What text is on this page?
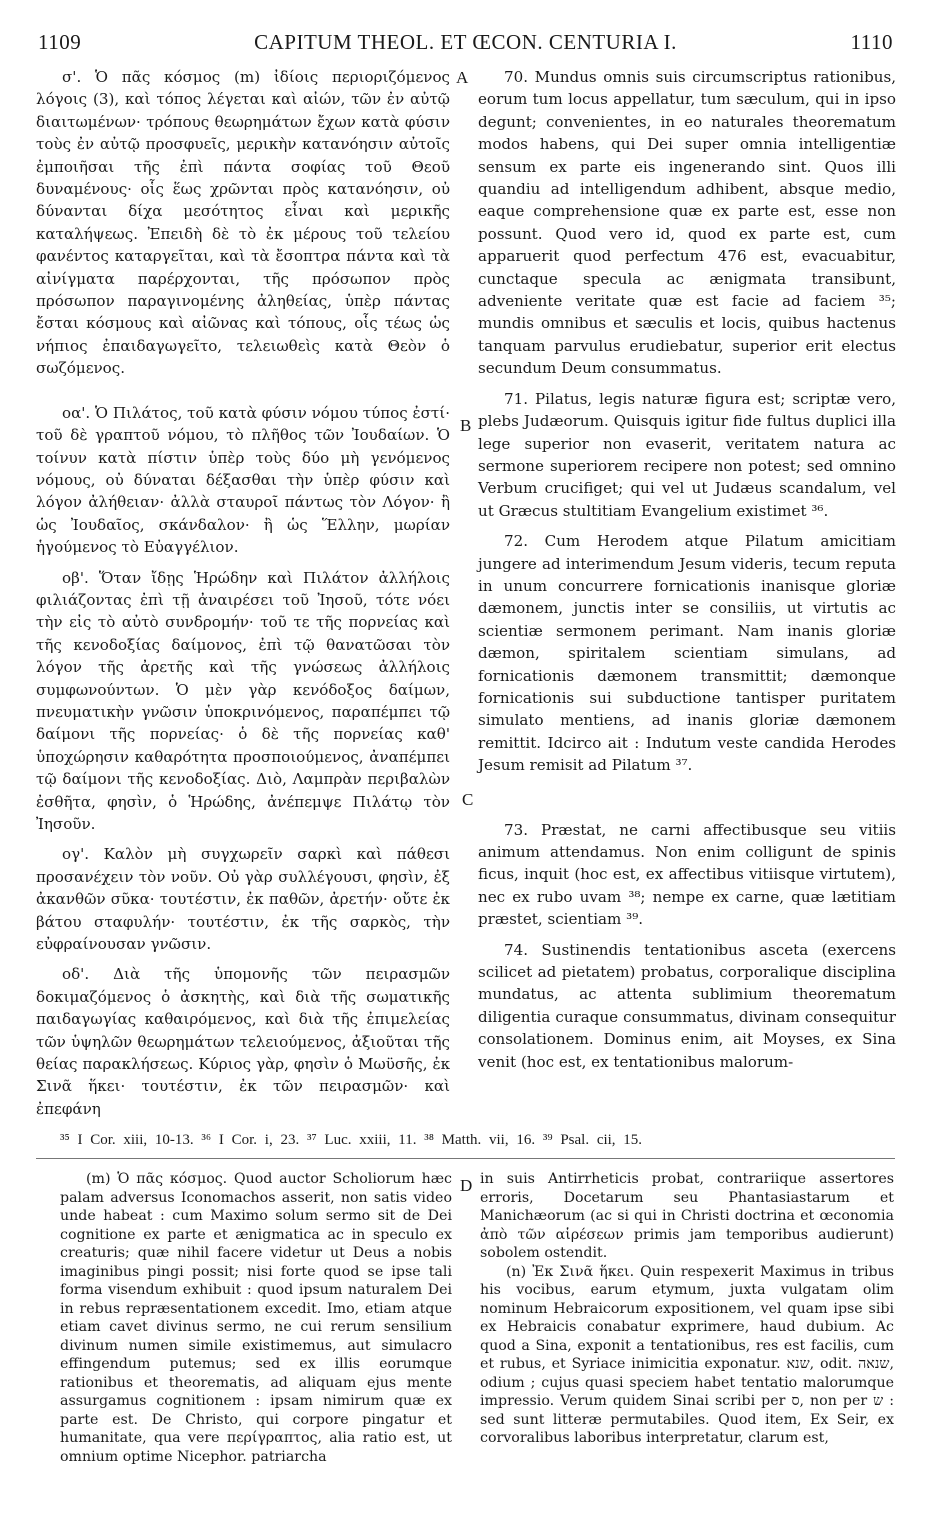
1109	CAPITUM THEOL. ET ŒCON. CENTURIA I.	1110

σ'. Ὁ πᾶς κόσμος (m) ἰδίοις περιοριζόμενος λόγοις (3), καὶ τόπος λέγεται καὶ αἰών, τῶν ἐν αὐτῷ διαιτωμένων· τρόπους θεωρημάτων ἔχων κατὰ φύσιν τοὺς ἐν αὐτῷ προσφυεῖς, μερικὴν κατανόησιν αὐτοῖς ἐμποιῆσαι τῆς ἐπὶ πάντα σοφίας τοῦ Θεοῦ δυναμένους· οἷς ἕως χρῶνται πρὸς κατανόησιν, οὐ δύνανται δίχα μεσότητος εἶναι καὶ μερικῆς καταλήψεως. Ἐπειδὴ δὲ τὸ ἐκ μέρους τοῦ τελείου φανέντος καταργεῖται, καὶ τὰ ἔσοπτρα πάντα καὶ τὰ αἰνίγματα παρέρχονται, τῆς πρόσωπον πρὸς πρόσωπον παραγινομένης ἀληθείας, ὑπὲρ πάντας ἔσται κόσμους καὶ αἰῶνας καὶ τόπους, οἷς τέως ὡς νήπιος ἐπαιδαγωγεῖτο, τελειωθεὶς κατὰ Θεὸν ὁ σωζόμενος.

οα'. Ὁ Πιλάτος, τοῦ κατὰ φύσιν νόμου τύπος ἐστί· τοῦ δὲ γραπτοῦ νόμου, τὸ πλῆθος τῶν Ἰουδαίων. Ὁ τοίνυν κατὰ πίστιν ὑπὲρ τοὺς δύο μὴ γενόμενος νόμους, οὐ δύναται δέξασθαι τὴν ὑπὲρ φύσιν καὶ λόγον ἀλήθειαν· ἀλλὰ σταυροῖ πάντως τὸν Λόγον· ἢ ὡς Ἰουδαῖος, σκάνδαλον· ἢ ὡς Ἕλλην, μωρίαν ἡγούμενος τὸ Εὐαγγέλιον.

οβ'. Ὅταν ἴδῃς Ἡρώδην καὶ Πιλάτον ἀλλήλοις φιλιάζοντας ἐπὶ τῇ ἀναιρέσει τοῦ Ἰησοῦ, τότε νόει τὴν εἰς τὸ αὐτὸ συνδρομήν· τοῦ τε τῆς πορνείας καὶ τῆς κενοδοξίας δαίμονος, ἐπὶ τῷ θανατῶσαι τὸν λόγον τῆς ἀρετῆς καὶ τῆς γνώσεως ἀλλήλοις συμφωνούντων. Ὁ μὲν γὰρ κενόδοξος δαίμων, πνευματικὴν γνῶσιν ὑποκρινόμενος, παραπέμπει τῷ δαίμονι τῆς πορνείας· ὁ δὲ τῆς πορνείας καθ' ὑποχώρησιν καθαρότητα προσποιούμενος, ἀναπέμπει τῷ δαίμονι τῆς κενοδοξίας. Διὸ, Λαμπρὰν περιβαλὼν ἐσθῆτα, φησὶν, ὁ Ἡρώδης, ἀνέπεμψε Πιλάτῳ τὸν Ἰησοῦν.

ογ'. Καλὸν μὴ συγχωρεῖν σαρκὶ καὶ πάθεσι προσανέχειν τὸν νοῦν. Οὐ γὰρ συλλέγουσι, φησὶν, ἐξ ἀκανθῶν σῦκα· τουτέστιν, ἐκ παθῶν, ἀρετήν· οὔτε ἐκ βάτου σταφυλήν· τουτέστιν, ἐκ τῆς σαρκὸς, τὴν εὐφραίνουσαν γνῶσιν.

οδ'. Διὰ τῆς ὑπομονῆς τῶν πειρασμῶν δοκιμαζόμενος ὁ ἀσκητὴς, καὶ διὰ τῆς σωματικῆς παιδαγωγίας καθαιρόμενος, καὶ διὰ τῆς ἐπιμελείας τῶν ὑψηλῶν θεωρημάτων τελειούμενος, ἀξιοῦται τῆς θείας παρακλήσεως. Κύριος γὰρ, φησὶν ὁ Μωϋσῆς, ἐκ Σινᾶ ἥκει· τουτέστιν, ἐκ τῶν πειρασμῶν· καὶ ἐπεφάνη

A
B
C
D

70. Mundus omnis suis circumscriptus rationibus, eorum tum locus appellatur, tum sæculum, qui in ipso degunt; convenientes, in eo naturales theorematum modos habens, qui Dei super omnia intelligentiæ sensum ex parte eis ingenerando sint. Quos illi quandiu ad intelligendum adhibent, absque medio, eaque comprehensione quæ ex parte est, esse non possunt. Quod vero id, quod ex parte est, cum apparuerit quod perfectum 476 est, evacuabitur, cunctaque specula ac ænigmata transibunt, adveniente veritate quæ est facie ad faciem ³⁵; mundis omnibus et sæculis et locis, quibus hactenus tanquam parvulus erudiebatur, superior erit electus secundum Deum consummatus.

71. Pilatus, legis naturæ figura est; scriptæ vero, plebs Judæorum. Quisquis igitur fide fultus duplici illa lege superior non evaserit, veritatem natura ac sermone superiorem recipere non potest; sed omnino Verbum crucifiget; qui vel ut Judæus scandalum, vel ut Græcus stultitiam Evangelium existimet ³⁶.

72. Cum Herodem atque Pilatum amicitiam jungere ad interimendum Jesum videris, tecum reputa in unum concurrere fornicationis inanisque gloriæ dæmonem, junctis inter se consiliis, ut virtutis ac scientiæ sermonem perimant. Nam inanis gloriæ dæmon, spiritalem scientiam simulans, ad fornicationis dæmonem transmittit; dæmonque fornicationis sui subductione tantisper puritatem simulato mentiens, ad inanis gloriæ dæmonem remittit. Idcirco ait : Indutum veste candida Herodes Jesum remisit ad Pilatum ³⁷.

73. Præstat, ne carni affectibusque seu vitiis animum attendamus. Non enim colligunt de spinis ficus, inquit (hoc est, ex affectibus vitiisque virtutem), nec ex rubo uvam ³⁸; nempe ex carne, quæ lætitiam præstet, scientiam ³⁹.

74. Sustinendis tentationibus asceta (exercens scilicet ad pietatem) probatus, corporalique disciplina mundatus, ac attenta sublimium theorematum diligentia curaque consummatus, divinam consequitur consolationem. Dominus enim, ait Moyses, ex Sina venit (hoc est, ex tentationibus malorum-

³⁵ I Cor. xiii, 10-13. ³⁶ I Cor. i, 23. ³⁷ Luc. xxiii, 11. ³⁸ Matth. vii, 16. ³⁹ Psal. cii, 15.

(m) Ὁ πᾶς κόσμος. Quod auctor Scholiorum hæc palam adversus Iconomachos asserit, non satis video unde habeat : cum Maximo solum sermo sit de Dei cognitione ex parte et ænigmatica ac in speculo ex creaturis; quæ nihil facere videtur ut Deus a nobis imaginibus pingi possit; nisi forte quod se ipse tali forma visendum exhibuit : quod ipsum naturalem Dei in rebus repræsentationem excedit. Imo, etiam atque etiam cavet divinus sermo, ne cui rerum sensilium divinum numen simile existimemus, aut simulacro effingendum putemus; sed ex illis eorumque rationibus et theorematis, ad aliquam ejus mente assurgamus cognitionem : ipsam nimirum quæ ex parte est. De Christo, qui corpore pingatur et humanitate, qua vere περίγραπτος, alia ratio est, ut omnium optime Nicephor. patriarcha

in suis Antirrheticis probat, contrariique assertores erroris, Docetarum seu Phantasiastarum et Manichæorum (ac si qui in Christi doctrina et œconomia ἀπὸ τῶν αἱρέσεων primis jam temporibus audierunt) sobolem ostendit.

(n) Ἐκ Σινᾶ ἥκει. Quin respexerit Maximus in tribus his vocibus, earum etymum, juxta vulgatam olim nominum Hebraicorum expositionem, vel quam ipse sibi ex Hebraicis conabatur exprimere, haud dubium. Ac quod a Sina, exponit a tentationibus, res est facilis, cum et rubus, et Syriace inimicitia exponatur. שנא, odit. שנאה, odium ; cujus quasi speciem habet tentatio malorumque impressio. Verum quidem Sinai scribi per ס, non per ש : sed sunt litteræ permutabiles. Quod item, Ex Seir, ex corvoralibus laboribus interpretatur, clarum est,
